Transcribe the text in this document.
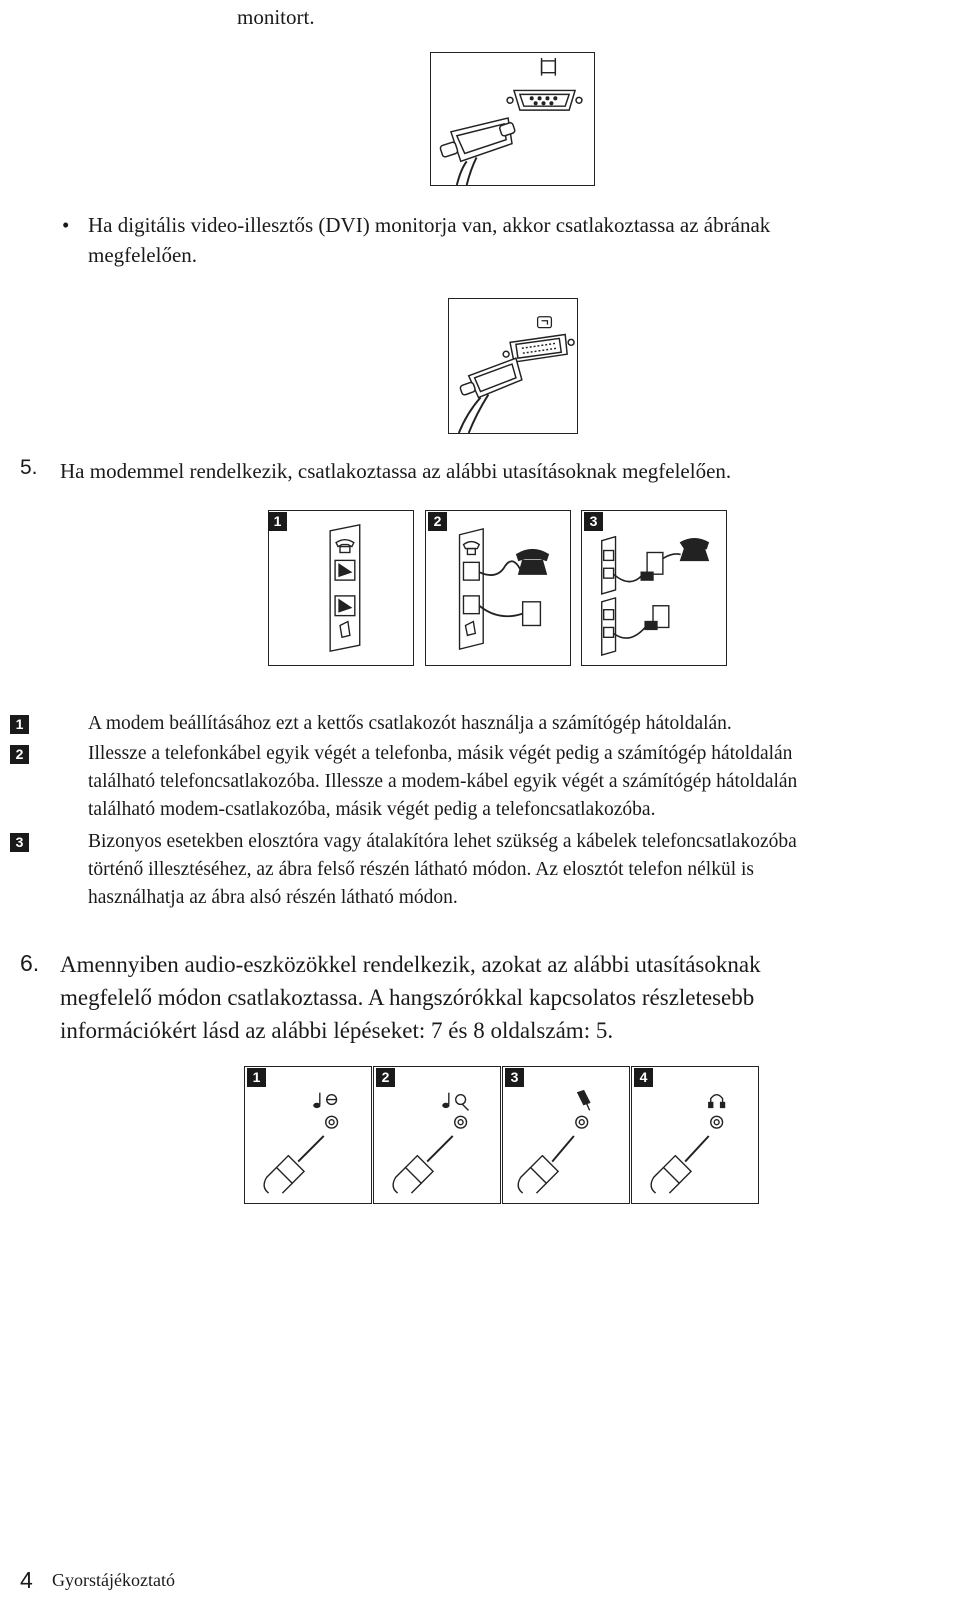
monitort.
• Ha digitális video-illesztős (DVI) monitorja van, akkor csatlakoztassa az ábrának
megfelelően.
5. Ha modemmel rendelkezik, csatlakoztassa az alábbi utasításoknak megfelelően.
1	2	3
1	A modem beállításához ezt a kettős csatlakozót használja a számítógép hátoldalán.
2	Illessze a telefonkábel egyik végét a telefonba, másik végét pedig a számítógép hátoldalán
található telefoncsatlakozóba. Illessze a modem-kábel egyik végét a számítógép hátoldalán
található modem-csatlakozóba, másik végét pedig a telefoncsatlakozóba.
3	Bizonyos esetekben elosztóra vagy átalakítóra lehet szükség a kábelek telefoncsatlakozóba
történő illesztéséhez, az ábra felső részén látható módon. Az elosztót telefon nélkül is
használhatja az ábra alsó részén látható módon.
6. Amennyiben audio-eszközökkel rendelkezik, azokat az alábbi utasításoknak
megfelelő módon csatlakoztassa. A hangszórókkal kapcsolatos részletesebb
információkért lásd az alábbi lépéseket: 7 és 8 oldalszám: 5.
1	2	3	4
4 Gyorstájékoztató
